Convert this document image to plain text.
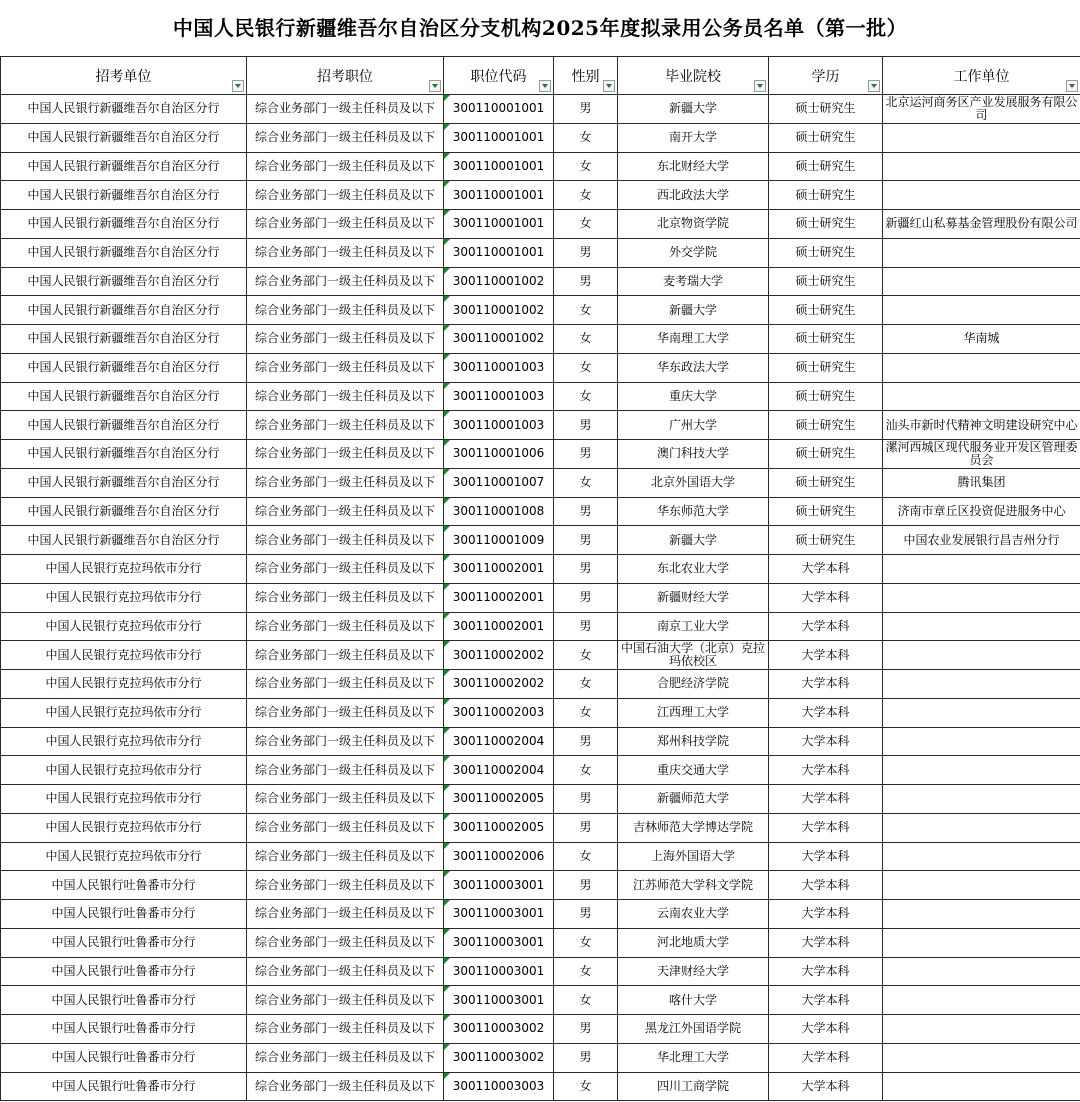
中国人民银行新疆维吾尔自治区分支机构2025年度拟录用公务员名单（第一批）
招考单位	招考职位	职位代码	性别	毕业院校	学历	工作单位

中国人民银行新疆维吾尔自治区分行	综合业务部门一级主任科员及以下	300110001001	男	新疆大学	硕士研究生	北京运河商务区产业发展服务有限公司
中国人民银行新疆维吾尔自治区分行	综合业务部门一级主任科员及以下	300110001001	女	南开大学	硕士研究生	
中国人民银行新疆维吾尔自治区分行	综合业务部门一级主任科员及以下	300110001001	女	东北财经大学	硕士研究生	
中国人民银行新疆维吾尔自治区分行	综合业务部门一级主任科员及以下	300110001001	女	西北政法大学	硕士研究生	
中国人民银行新疆维吾尔自治区分行	综合业务部门一级主任科员及以下	300110001001	女	北京物资学院	硕士研究生	新疆红山私募基金管理股份有限公司
中国人民银行新疆维吾尔自治区分行	综合业务部门一级主任科员及以下	300110001001	男	外交学院	硕士研究生	
中国人民银行新疆维吾尔自治区分行	综合业务部门一级主任科员及以下	300110001002	男	麦考瑞大学	硕士研究生	
中国人民银行新疆维吾尔自治区分行	综合业务部门一级主任科员及以下	300110001002	女	新疆大学	硕士研究生	
中国人民银行新疆维吾尔自治区分行	综合业务部门一级主任科员及以下	300110001002	女	华南理工大学	硕士研究生	华南城
中国人民银行新疆维吾尔自治区分行	综合业务部门一级主任科员及以下	300110001003	女	华东政法大学	硕士研究生	
中国人民银行新疆维吾尔自治区分行	综合业务部门一级主任科员及以下	300110001003	女	重庆大学	硕士研究生	
中国人民银行新疆维吾尔自治区分行	综合业务部门一级主任科员及以下	300110001003	男	广州大学	硕士研究生	汕头市新时代精神文明建设研究中心
中国人民银行新疆维吾尔自治区分行	综合业务部门一级主任科员及以下	300110001006	男	澳门科技大学	硕士研究生	漯河西城区现代服务业开发区管理委员会
中国人民银行新疆维吾尔自治区分行	综合业务部门一级主任科员及以下	300110001007	女	北京外国语大学	硕士研究生	腾讯集团
中国人民银行新疆维吾尔自治区分行	综合业务部门一级主任科员及以下	300110001008	男	华东师范大学	硕士研究生	济南市章丘区投资促进服务中心
中国人民银行新疆维吾尔自治区分行	综合业务部门一级主任科员及以下	300110001009	男	新疆大学	硕士研究生	中国农业发展银行昌吉州分行
中国人民银行克拉玛依市分行	综合业务部门一级主任科员及以下	300110002001	男	东北农业大学	大学本科	
中国人民银行克拉玛依市分行	综合业务部门一级主任科员及以下	300110002001	男	新疆财经大学	大学本科	
中国人民银行克拉玛依市分行	综合业务部门一级主任科员及以下	300110002001	男	南京工业大学	大学本科	
中国人民银行克拉玛依市分行	综合业务部门一级主任科员及以下	300110002002	女	中国石油大学（北京）克拉玛依校区	大学本科	
中国人民银行克拉玛依市分行	综合业务部门一级主任科员及以下	300110002002	女	合肥经济学院	大学本科	
中国人民银行克拉玛依市分行	综合业务部门一级主任科员及以下	300110002003	女	江西理工大学	大学本科	
中国人民银行克拉玛依市分行	综合业务部门一级主任科员及以下	300110002004	男	郑州科技学院	大学本科	
中国人民银行克拉玛依市分行	综合业务部门一级主任科员及以下	300110002004	女	重庆交通大学	大学本科	
中国人民银行克拉玛依市分行	综合业务部门一级主任科员及以下	300110002005	男	新疆师范大学	大学本科	
中国人民银行克拉玛依市分行	综合业务部门一级主任科员及以下	300110002005	男	吉林师范大学博达学院	大学本科	
中国人民银行克拉玛依市分行	综合业务部门一级主任科员及以下	300110002006	女	上海外国语大学	大学本科	
中国人民银行吐鲁番市分行	综合业务部门一级主任科员及以下	300110003001	男	江苏师范大学科文学院	大学本科	
中国人民银行吐鲁番市分行	综合业务部门一级主任科员及以下	300110003001	男	云南农业大学	大学本科	
中国人民银行吐鲁番市分行	综合业务部门一级主任科员及以下	300110003001	女	河北地质大学	大学本科	
中国人民银行吐鲁番市分行	综合业务部门一级主任科员及以下	300110003001	女	天津财经大学	大学本科	
中国人民银行吐鲁番市分行	综合业务部门一级主任科员及以下	300110003001	女	喀什大学	大学本科	
中国人民银行吐鲁番市分行	综合业务部门一级主任科员及以下	300110003002	男	黑龙江外国语学院	大学本科	
中国人民银行吐鲁番市分行	综合业务部门一级主任科员及以下	300110003002	男	华北理工大学	大学本科	
中国人民银行吐鲁番市分行	综合业务部门一级主任科员及以下	300110003003	女	四川工商学院	大学本科	
